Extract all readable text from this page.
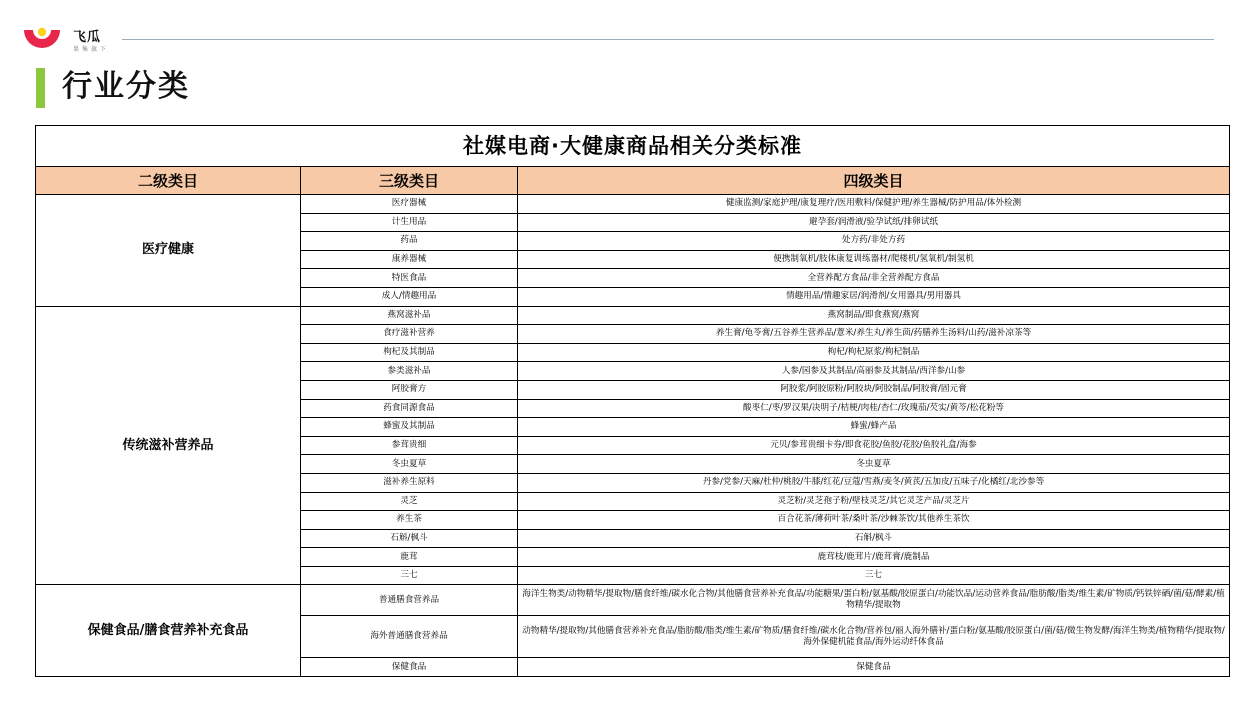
飞瓜
果集旗下
行业分类
社媒电商·大健康商品相关分类标准		
二级类目	三级类目	四级类目
医疗健康	医疗器械	健康监测/家庭护理/康复理疗/医用敷料/保健护理/养生器械/防护用品/体外检测
	计生用品	避孕套/润滑液/验孕试纸/排卵试纸
	药品	处方药/非处方药
	康养器械	便携制氧机/肢体康复训练器材/爬楼机/氢氧机/制氢机
	特医食品	全营养配方食品/非全营养配方食品
	成人/情趣用品	情趣用品/情趣家居/润滑剂/女用器具/男用器具
传统滋补营养品	燕窝滋补品	燕窝制品/即食燕窝/燕窝
	食疗滋补营养	养生膏/龟苓膏/五谷养生营养品/薏米/养生丸/养生茴/药膳养生汤料/山药/滋补凉茶等
	枸杞及其制品	枸杞/枸杞原浆/枸杞制品
	参类滋补品	人参/园参及其制品/高丽参及其制品/西洋参/山参
	阿胶膏方	阿胶浆/阿胶原粉/阿胶块/阿胶制品/阿胶膏/固元膏
	药食同源食品	酸枣仁/枣/罗汉果/决明子/桔梗/肉桂/杏仁/玫瑰茄/芡实/黄芩/松花粉等
	蜂蜜及其制品	蜂蜜/蜂产品
	参茸贵细	元贝/参茸贵细卡券/即食花胶/鱼胶/花胶/鱼胶礼盒/海参
	冬虫夏草	冬虫夏草
	滋补养生原料	丹参/党参/天麻/杜仲/桃胶/牛膝/红花/豆蔻/雪燕/麦冬/黄芪/五加皮/五味子/化橘红/北沙参等
	灵芝	灵芝粉/灵芝孢子粉/壁枝灵芝/其它灵芝产品/灵芝片
	养生茶	百合花茶/薄荷叶茶/桑叶茶/沙棘茶饮/其他养生茶饮
	石斛/枫斗	石斛/枫斗
	鹿茸	鹿茸枝/鹿茸片/鹿茸膏/鹿制品
	三七	三七
保健食品/膳食营养补充食品	普通膳食营养品	海洋生物类/动物精华/提取物/膳食纤维/碳水化合物/其他膳食营养补充食品/功能糖果/蛋白粉/氨基酸/胶原蛋白/功能饮品/运动营养食品/脂肪酸/脂类/维生素/矿物质/钙铁锌硒/菌/菇/酵素/植物精华/提取物
	海外普通膳食营养品	动物精华/提取物/其他膳食营养补充食品/脂肪酸/脂类/维生素/矿物质/膳食纤维/碳水化合物/营养包/丽人海外膳补/蛋白粉/氨基酸/胶原蛋白/菌/菇/微生物发酵/海洋生物类/植物精华/提取物/海外保健机能食品/海外运动纤体食品
	保健食品	保健食品
